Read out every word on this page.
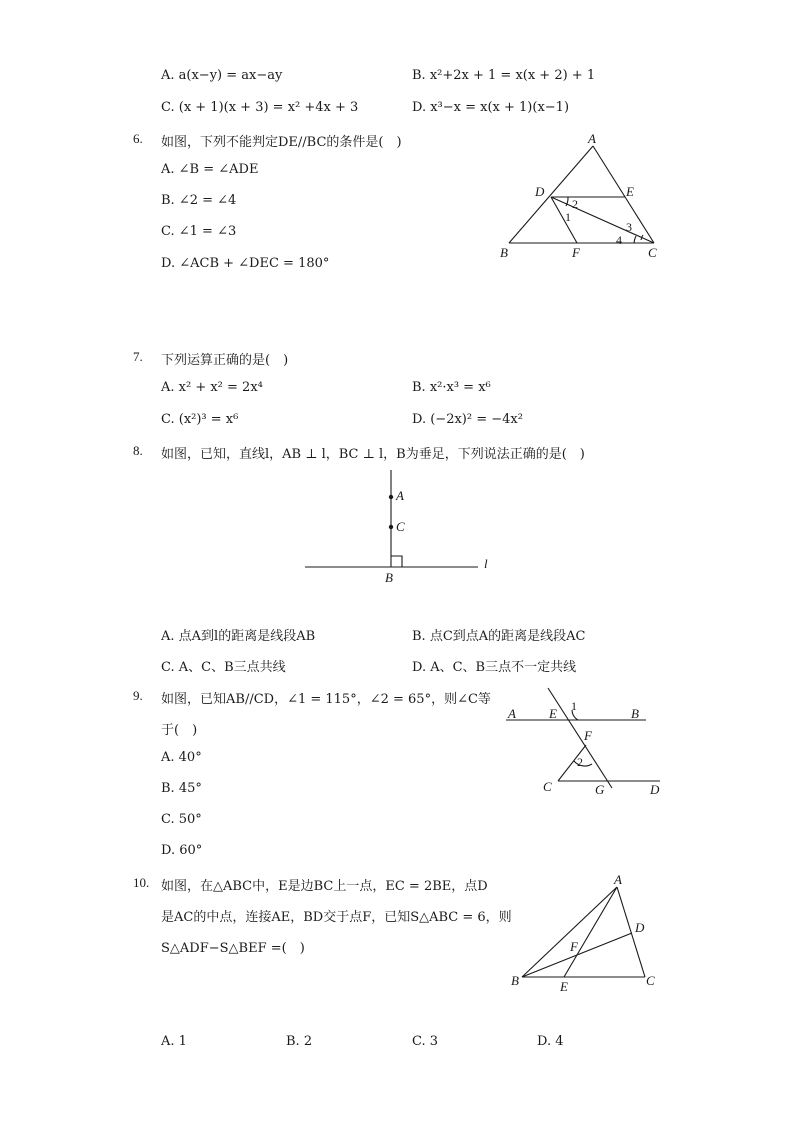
A. a(x−y) = ax−ay	B. x²+2x + 1 = x(x + 2) + 1
C. (x + 1)(x + 3) = x² +4x + 3	D. x³−x = x(x + 1)(x−1)
6. 如图，下列不能判定DE//BC的条件是(　)
A. ∠B = ∠ADE
B. ∠2 = ∠4
C. ∠1 = ∠3
D. ∠ACB + ∠DEC = 180°
A
D	E
B	F	C
1
2
3
4
7. 下列运算正确的是(　)
A. x² + x² = 2x⁴	B. x²·x³ = x⁶
C. (x²)³ = x⁶	D. (−2x)² = −4x²
8. 如图，已知，直线l，AB ⊥ l，BC ⊥ l，B为垂足，下列说法正确的是(　)
A
C
B
l
A. 点A到l的距离是线段AB	B. 点C到点A的距离是线段AC
C. A、C、B三点共线	D. A、C、B三点不一定共线
9. 如图，已知AB//CD，∠1 = 115°，∠2 = 65°，则∠C等
于(　)
A. 40°
B. 45°
C. 50°
D. 60°
A	E	B
1
F
2
C	G	D
10. 如图，在△ABC中，E是边BC上一点，EC = 2BE，点D
是AC的中点，连接AE，BD交于点F，已知S△ABC = 6，则
S△ADF−S△BEF =(　)
A
D
F
B	E	C
A. 1	B. 2	C. 3	D. 4
